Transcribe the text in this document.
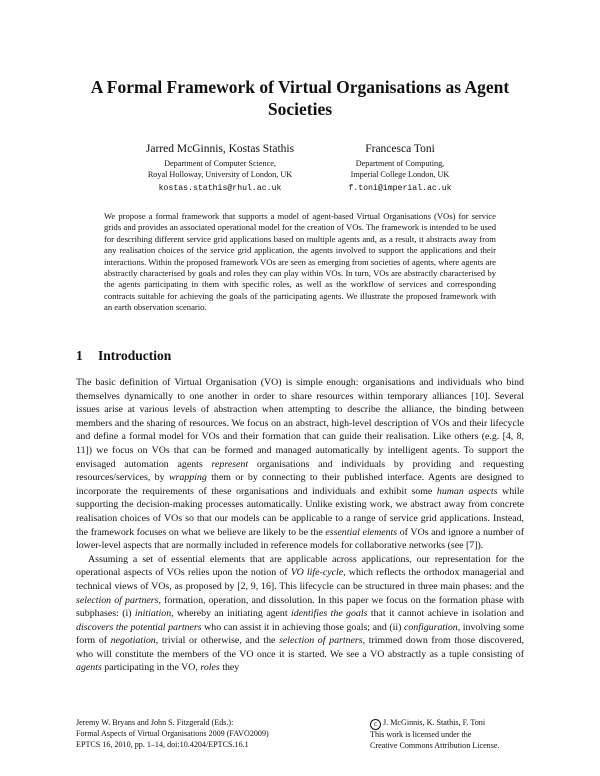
A Formal Framework of Virtual Organisations as Agent Societies
Jarred McGinnis, Kostas Stathis
Department of Computer Science,
Royal Holloway, University of London, UK
kostas.stathis@rhul.ac.uk
Francesca Toni
Department of Computing,
Imperial College London, UK
f.toni@imperial.ac.uk
We propose a formal framework that supports a model of agent-based Virtual Organisations (VOs) for service grids and provides an associated operational model for the creation of VOs. The framework is intended to be used for describing different service grid applications based on multiple agents and, as a result, it abstracts away from any realisation choices of the service grid application, the agents involved to support the applications and their interactions. Within the proposed framework VOs are seen as emerging from societies of agents, where agents are abstractly characterised by goals and roles they can play within VOs. In turn, VOs are abstractly characterised by the agents participating in them with specific roles, as well as the workflow of services and corresponding contracts suitable for achieving the goals of the participating agents. We illustrate the proposed framework with an earth observation scenario.
1 Introduction

The basic definition of Virtual Organisation (VO) is simple enough: organisations and individuals who bind themselves dynamically to one another in order to share resources within temporary alliances [10]. Several issues arise at various levels of abstraction when attempting to describe the alliance, the binding between members and the sharing of resources. We focus on an abstract, high-level description of VOs and their lifecycle and define a formal model for VOs and their formation that can guide their realisation. Like others (e.g. [4, 8, 11]) we focus on VOs that can be formed and managed automatically by intelligent agents. To support the envisaged automation agents represent organisations and individuals by providing and requesting resources/services, by wrapping them or by connecting to their published interface. Agents are designed to incorporate the requirements of these organisations and individuals and exhibit some human aspects while supporting the decision-making processes automatically. Unlike existing work, we abstract away from concrete realisation choices of VOs so that our models can be applicable to a range of service grid applications. Instead, the framework focuses on what we believe are likely to be the essential elements of VOs and ignore a number of lower-level aspects that are normally included in reference models for collaborative networks (see [7]).

Assuming a set of essential elements that are applicable across applications, our representation for the operational aspects of VOs relies upon the notion of VO life-cycle, which reflects the orthodox managerial and technical views of VOs, as proposed by [2, 9, 16]. This lifecycle can be structured in three main phases: and the selection of partners, formation, operation, and dissolution. In this paper we focus on the formation phase with subphases: (i) initiation, whereby an initiating agent identifies the goals that it cannot achieve in isolation and discovers the potential partners who can assist it in achieving those goals; and (ii) configuration, involving some form of negotiation, trivial or otherwise, and the selection of partners, trimmed down from those discovered, who will constitute the members of the VO once it is started. We see a VO abstractly as a tuple consisting of agents participating in the VO, roles they

Jeremy W. Bryans and John S. Fitzgerald (Eds.):
Formal Aspects of Virtual Organisations 2009 (FAVO2009)
EPTCS 16, 2010, pp. 1–14, doi:10.4204/EPTCS.16.1
c J. McGinnis, K. Stathis, F. Toni
This work is licensed under the
Creative Commons Attribution License.
